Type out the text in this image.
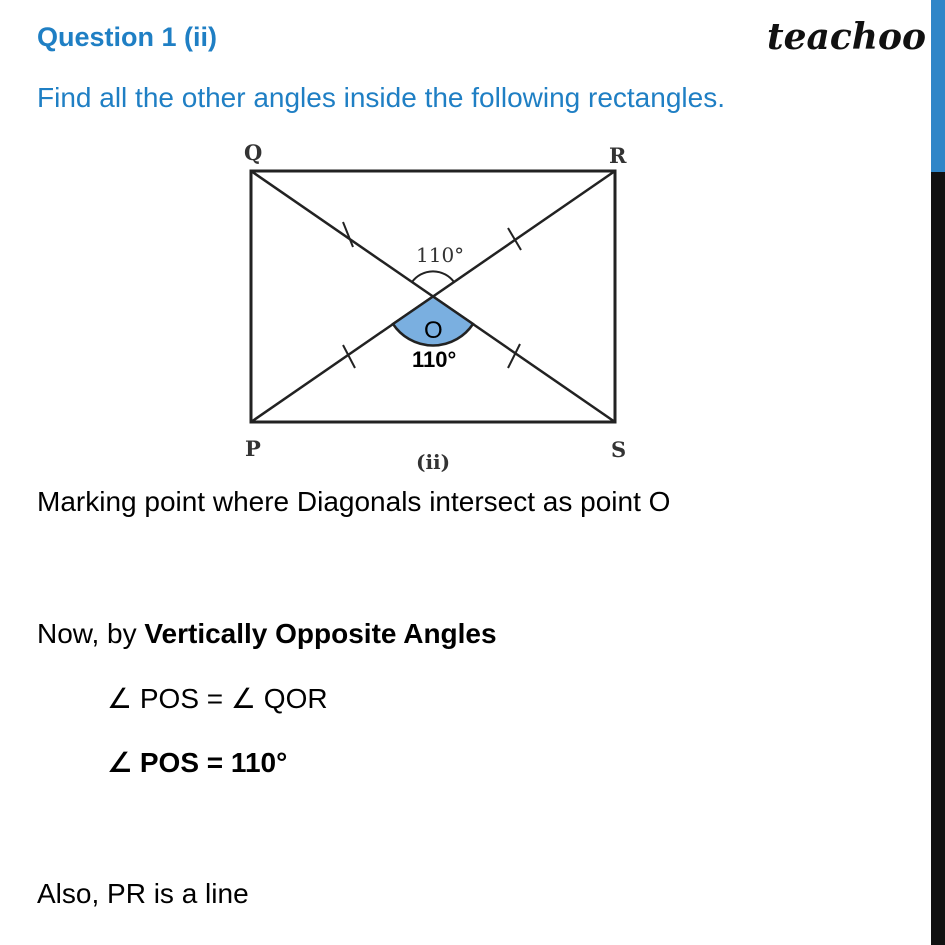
Question 1 (ii)	teachoo
Find all the other angles inside the following rectangles.
Q	R
P	S
110°
O
110°
(ii)
Marking point where Diagonals intersect as point O
Now, by Vertically Opposite Angles
∠ POS = ∠ QOR
∠ POS = 110°
Also, PR is a line
